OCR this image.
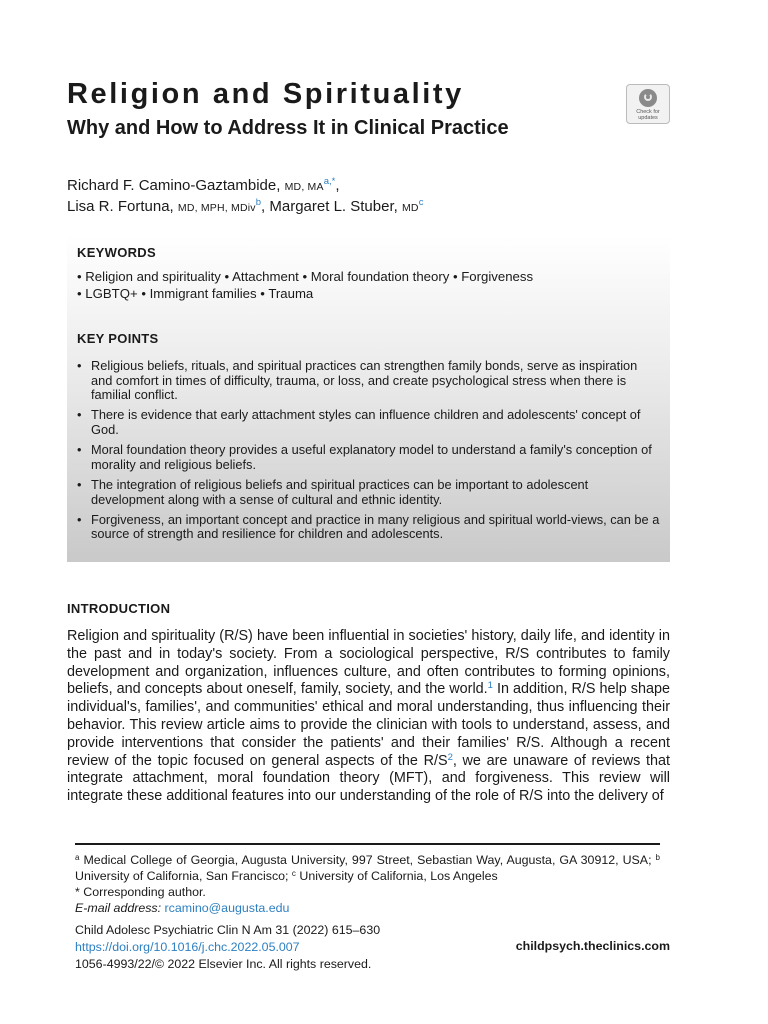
Religion and Spirituality
Why and How to Address It in Clinical Practice
Check for updates
Richard F. Camino-Gaztambide, MD, $MA^{a,*}$,
Lisa R. Fortuna, MD, MPH, MDiv$^b$, Margaret L. Stuber, $MD^c$
KEYWORDS
• Religion and spirituality • Attachment • Moral foundation theory • Forgiveness
• LGBTQ+ • Immigrant families • Trauma
KEY POINTS
• Religious beliefs, rituals, and spiritual practices can strengthen family bonds, serve as inspiration and comfort in times of difficulty, trauma, or loss, and create psychological stress when there is familial conflict.
• There is evidence that early attachment styles can influence children and adolescents' concept of God.
• Moral foundation theory provides a useful explanatory model to understand a family's conception of morality and religious beliefs.
• The integration of religious beliefs and spiritual practices can be important to adolescent development along with a sense of cultural and ethnic identity.
• Forgiveness, an important concept and practice in many religious and spiritual world-views, can be a source of strength and resilience for children and adolescents.
INTRODUCTION

Religion and spirituality (R/S) have been influential in societies' history, daily life, and identity in the past and in today's society. From a sociological perspective, R/S contributes to family development and organization, influences culture, and often contributes to forming opinions, beliefs, and concepts about oneself, family, society, and the world.$^1$ In addition, R/S help shape individual's, families', and communities' ethical and moral understanding, thus influencing their behavior. This review article aims to provide the clinician with tools to understand, assess, and provide interventions that consider the patients' and their families' R/S. Although a recent review of the topic focused on general aspects of the $R/S^2$, we are unaware of reviews that integrate attachment, moral foundation theory (MFT), and forgiveness. This review will integrate these additional features into our understanding of the role of R/S into the delivery of

$^a$ Medical College of Georgia, Augusta University, 997 Street, Sebastian Way, Augusta, GA 30912, USA; $^b$ University of California, San Francisco; $^c$ University of California, Los Angeles
* Corresponding author.
E-mail address: rcamino@augusta.edu
Child Adolesc Psychiatric Clin N Am 31 (2022) 615–630
https://doi.org/10.1016/j.chc.2022.05.007
1056-4993/22/© 2022 Elsevier Inc. All rights reserved.
childpsych.theclinics.com
